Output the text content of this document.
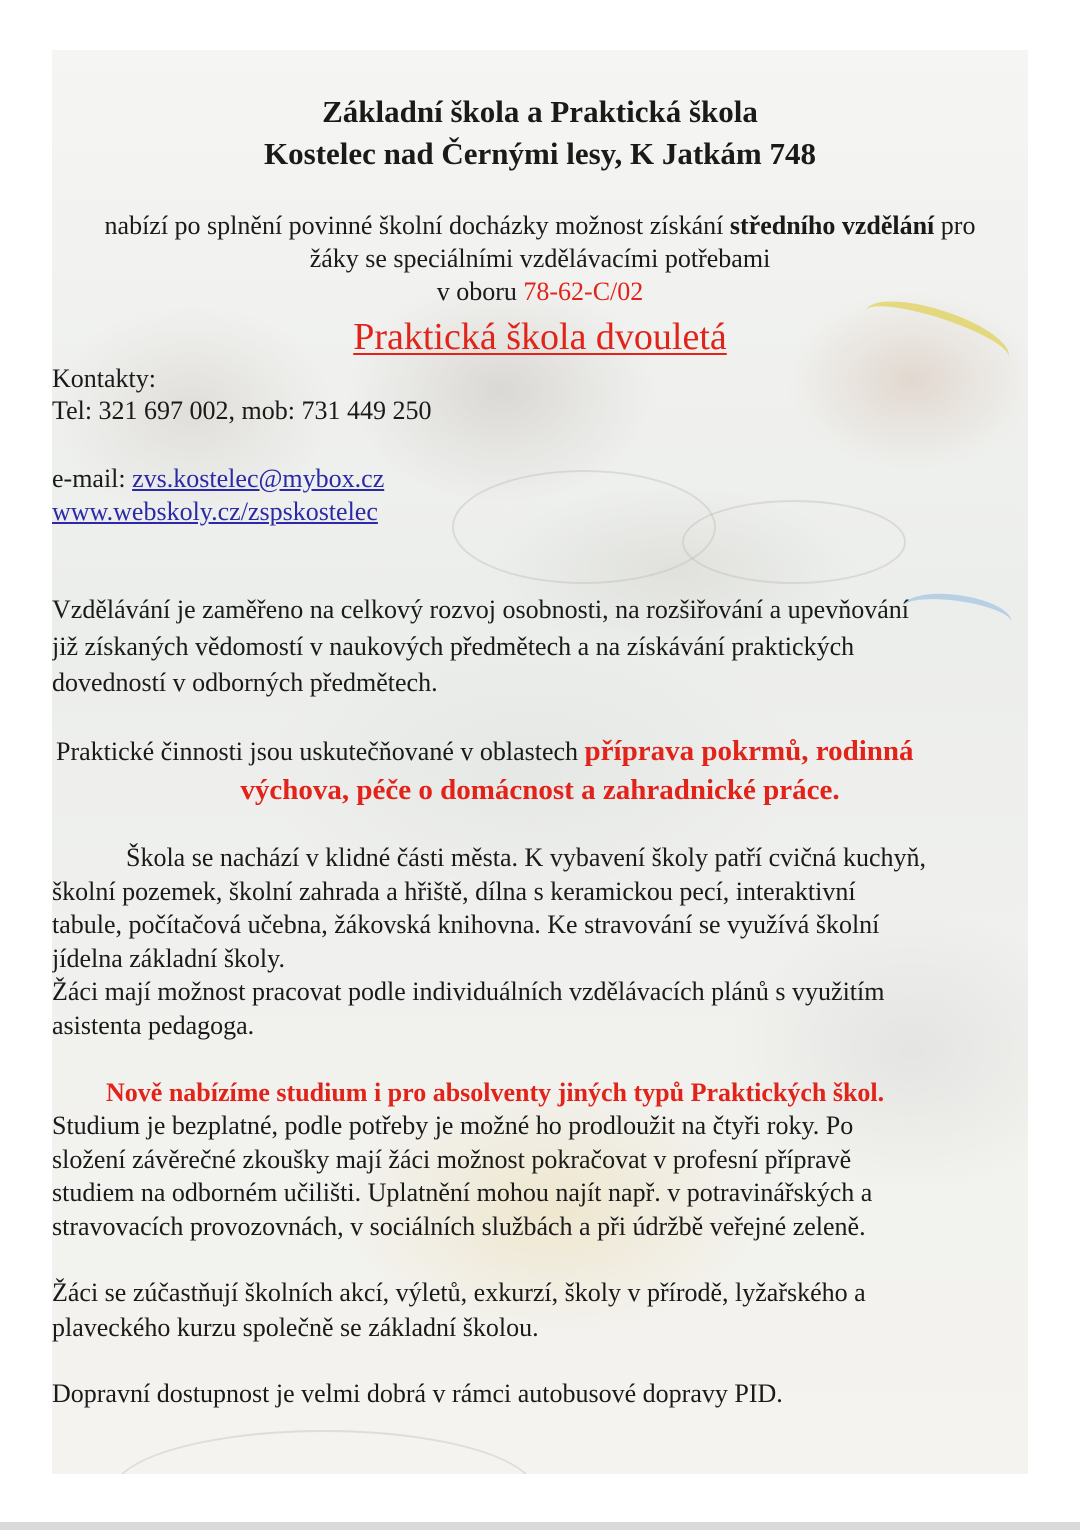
Základní škola a Praktická škola
Kostelec nad Černými lesy, K Jatkám 748
nabízí po splnění povinné školní docházky možnost získání středního vzdělání pro
žáky se speciálními vzdělávacími potřebami
v oboru 78-62-C/02
Praktická škola dvouletá
Kontakty:
Tel: 321 697 002, mob: 731 449 250
e-mail: zvs.kostelec@mybox.cz
www.webskoly.cz/zspskostelec
Vzdělávání je zaměřeno na celkový rozvoj osobnosti, na rozšiřování a upevňování
již získaných vědomostí v naukových předmětech a na získávání praktických
dovedností v odborných předmětech.
Praktické činnosti jsou uskutečňované v oblastech příprava pokrmů, rodinná
výchova, péče o domácnost a zahradnické práce.
Škola se nachází v klidné části města. K vybavení školy patří cvičná kuchyň,
školní pozemek, školní zahrada a hřiště, dílna s keramickou pecí, interaktivní
tabule, počítačová učebna, žákovská knihovna. Ke stravování se využívá školní
jídelna základní školy.
Žáci mají možnost pracovat podle individuálních vzdělávacích plánů s využitím
asistenta pedagoga.
Nově nabízíme studium i pro absolventy jiných typů Praktických škol.
Studium je bezplatné, podle potřeby je možné ho prodloužit na čtyři roky. Po
složení závěrečné zkoušky mají žáci možnost pokračovat v profesní přípravě
studiem na odborném učilišti. Uplatnění mohou najít např. v potravinářských a
stravovacích provozovnách, v sociálních službách a při údržbě veřejné zeleně.
Žáci se zúčastňují školních akcí, výletů, exkurzí, školy v přírodě, lyžařského a
plaveckého kurzu společně se základní školou.
Dopravní dostupnost je velmi dobrá v rámci autobusové dopravy PID.
